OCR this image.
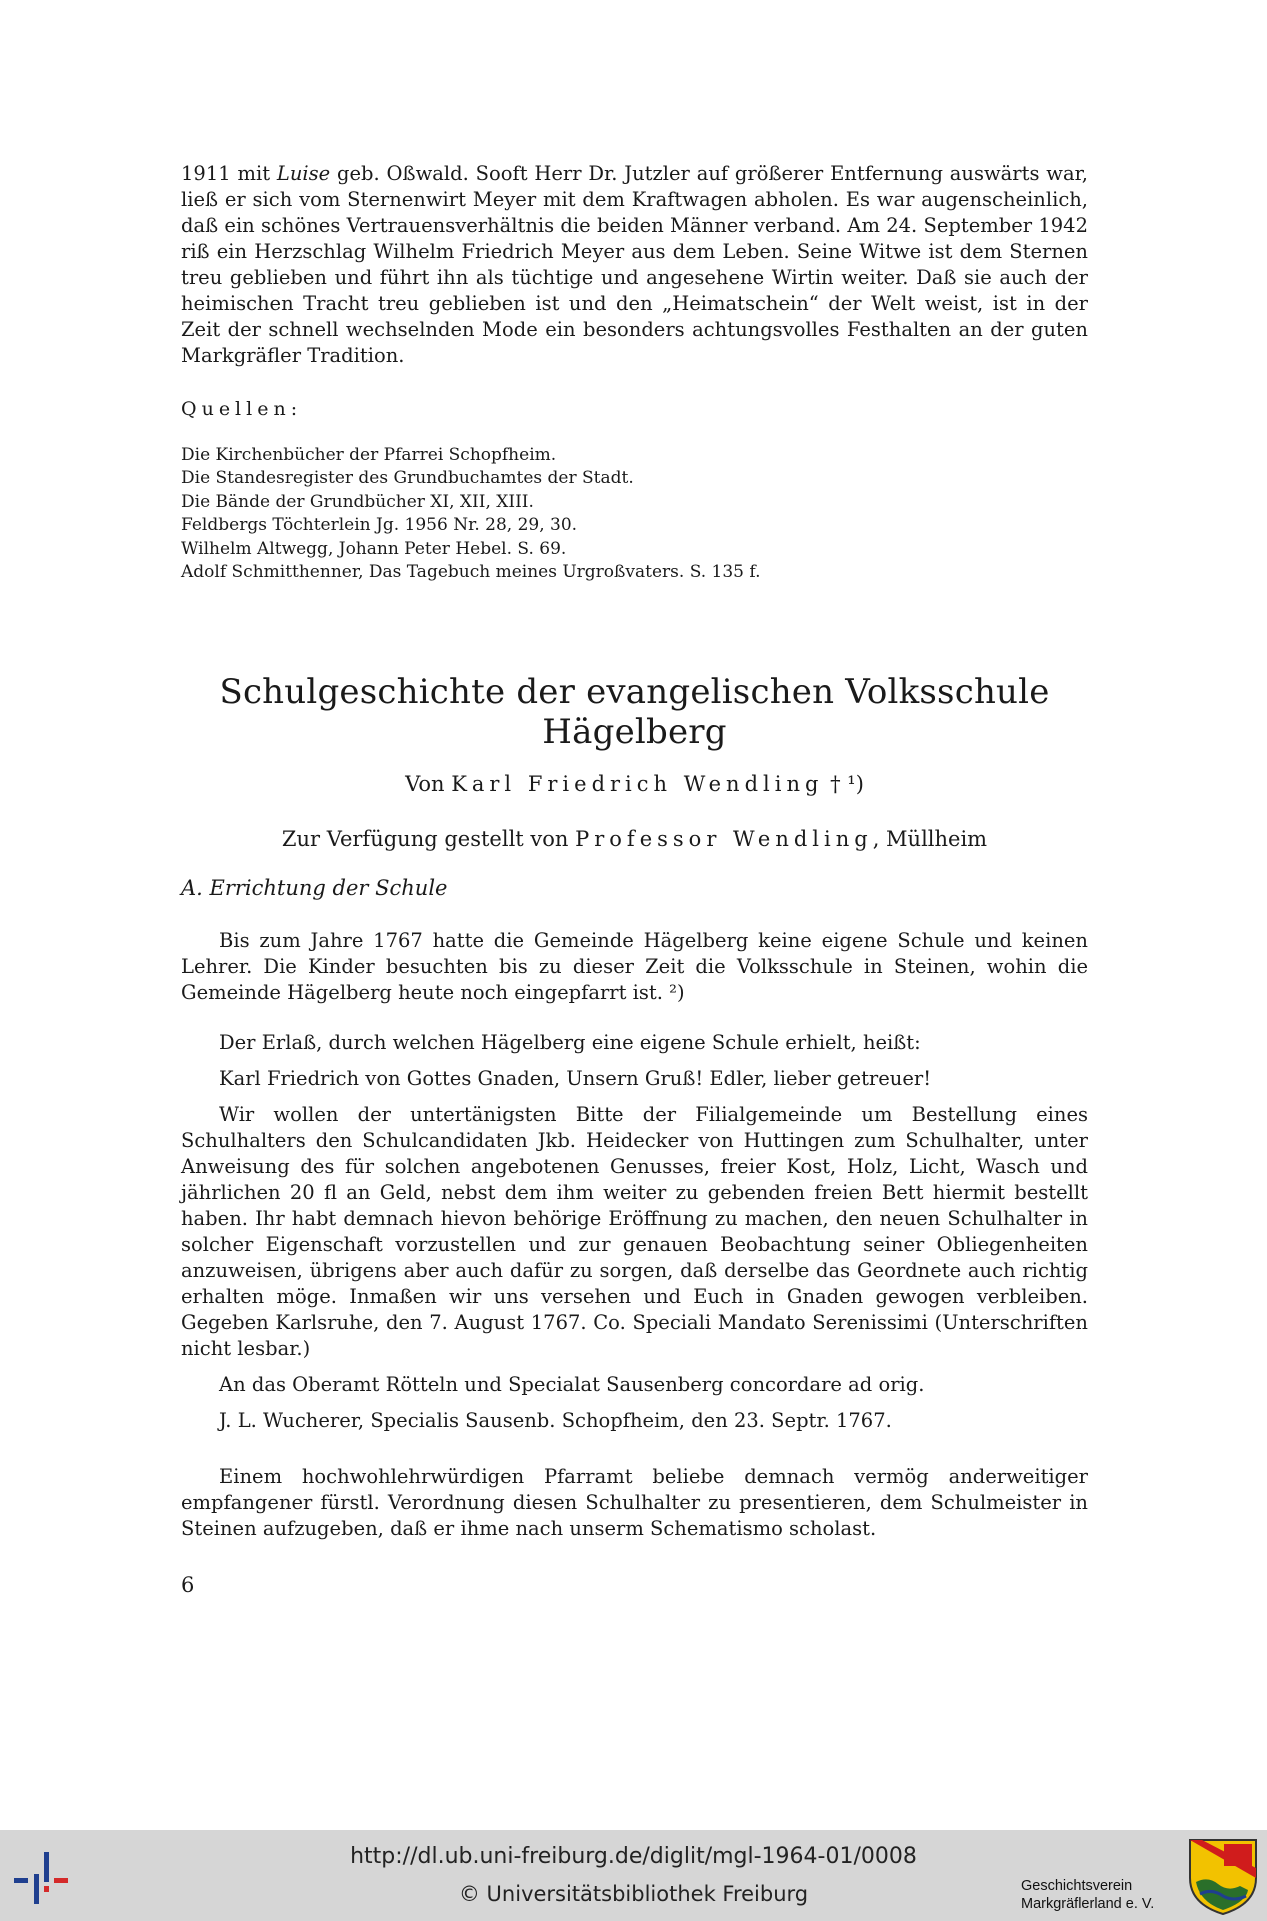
1911 mit Luise geb. Oßwald. Sooft Herr Dr. Jutzler auf größerer Entfernung auswärts war, ließ er sich vom Sternenwirt Meyer mit dem Kraftwagen abholen. Es war augenscheinlich, daß ein schönes Vertrauensverhältnis die beiden Männer verband. Am 24. September 1942 riß ein Herzschlag Wilhelm Friedrich Meyer aus dem Leben. Seine Witwe ist dem Sternen treu geblieben und führt ihn als tüchtige und angesehene Wirtin weiter. Daß sie auch der heimischen Tracht treu geblieben ist und den „Heimatschein“ der Welt weist, ist in der Zeit der schnell wechselnden Mode ein besonders achtungsvolles Festhalten an der guten Markgräfler Tradition.

Quellen:

Die Kirchenbücher der Pfarrei Schopfheim.

Die Standesregister des Grundbuchamtes der Stadt.

Die Bände der Grundbücher XI, XII, XIII.

Feldbergs Töchterlein Jg. 1956 Nr. 28, 29, 30.

Wilhelm Altwegg, Johann Peter Hebel. S. 69.

Adolf Schmitthenner, Das Tagebuch meines Urgroßvaters. S. 135 f.

Schulgeschichte der evangelischen Volksschule Hägelberg

Von Karl Friedrich Wendling † ¹)

Zur Verfügung gestellt von Professor Wendling, Müllheim

A. Errichtung der Schule

Bis zum Jahre 1767 hatte die Gemeinde Hägelberg keine eigene Schule und keinen Lehrer. Die Kinder besuchten bis zu dieser Zeit die Volksschule in Steinen, wohin die Gemeinde Hägelberg heute noch eingepfarrt ist. ²)

Der Erlaß, durch welchen Hägelberg eine eigene Schule erhielt, heißt:

Karl Friedrich von Gottes Gnaden, Unsern Gruß! Edler, lieber getreuer!

Wir wollen der untertänigsten Bitte der Filialgemeinde um Bestellung eines Schulhalters den Schulcandidaten Jkb. Heidecker von Huttingen zum Schulhalter, unter Anweisung des für solchen angebotenen Genusses, freier Kost, Holz, Licht, Wasch und jährlichen 20 fl an Geld, nebst dem ihm weiter zu gebenden freien Bett hiermit bestellt haben. Ihr habt demnach hievon behörige Eröffnung zu machen, den neuen Schulhalter in solcher Eigenschaft vorzustellen und zur genauen Beobachtung seiner Obliegenheiten anzuweisen, übrigens aber auch dafür zu sorgen, daß derselbe das Geordnete auch richtig erhalten möge. Inmaßen wir uns versehen und Euch in Gnaden gewogen verbleiben. Gegeben Karlsruhe, den 7. August 1767. Co. Speciali Mandato Serenissimi (Unterschriften nicht lesbar.)

An das Oberamt Rötteln und Specialat Sausenberg concordare ad orig.

J. L. Wucherer, Specialis Sausenb. Schopfheim, den 23. Septr. 1767.

Einem hochwohlehrwürdigen Pfarramt beliebe demnach vermög anderweitiger empfangener fürstl. Verordnung diesen Schulhalter zu presentieren, dem Schulmeister in Steinen aufzugeben, daß er ihme nach unserm Schematismo scholast.

6
http://dl.ub.uni-freiburg.de/diglit/mgl-1964-01/0008
© Universitätsbibliothek Freiburg	Geschichtsverein
Markgräflerland e. V.
